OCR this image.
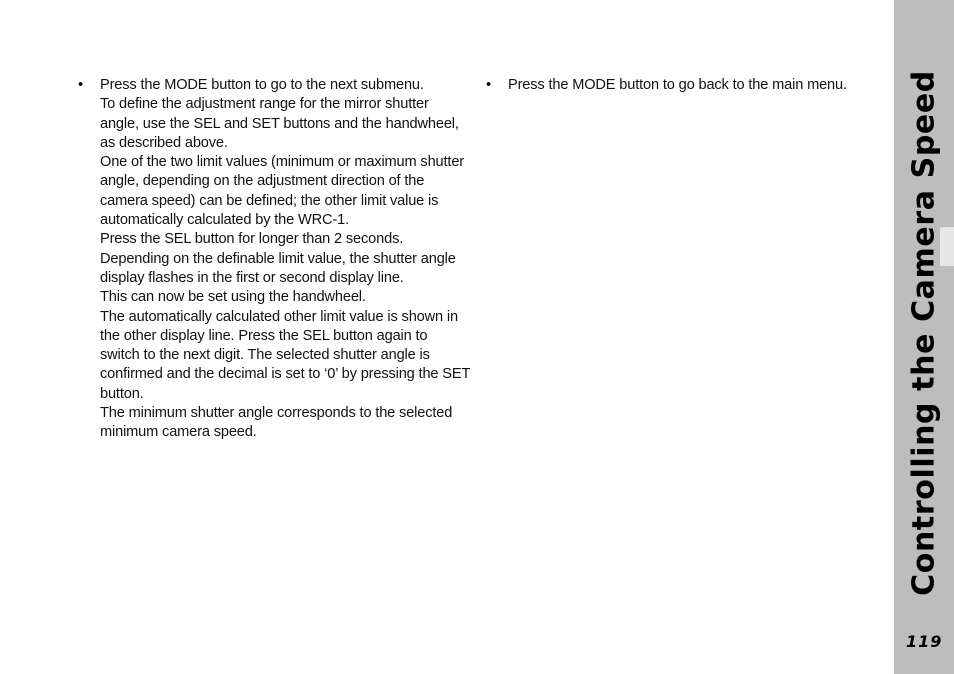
•	Press the MODE button to go to the next submenu.
To define the adjustment range for the mirror shutter angle, use the SEL and SET buttons and the handwheel, as described above.
One of the two limit values (minimum or maximum shutter angle, depending on the adjustment direction of the camera speed) can be defined; the other limit value is automatically calculated by the WRC-1.
Press the SEL button for longer than 2 seconds.
Depending on the definable limit value, the shutter angle display flashes in the first or second display line.
This can now be set using the handwheel.
The automatically calculated other limit value is shown in the other display line. Press the SEL button again to switch to the next digit. The selected shutter angle is confirmed and the decimal is set to ‘0’ by pressing the SET button.
The minimum shutter angle corresponds to the selected minimum camera speed.
•	Press the MODE button to go back to the main menu.	Controlling the Camera Speed
119
